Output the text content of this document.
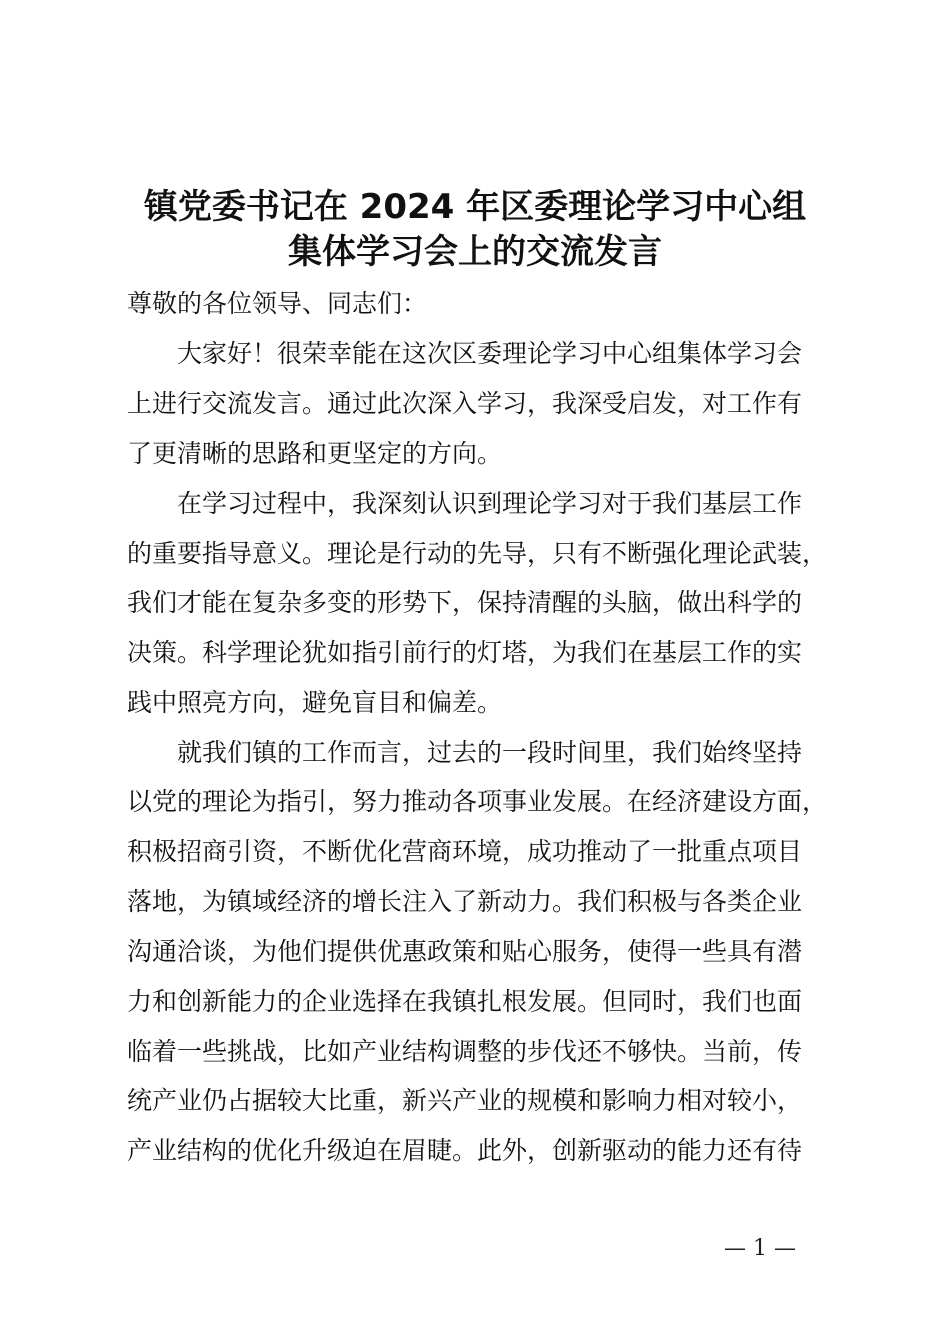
镇党委书记在 2024 年区委理论学习中心组
集体学习会上的交流发言
尊敬的各位领导、同志们：
　　大家好！很荣幸能在这次区委理论学习中心组集体学习会
上进行交流发言。通过此次深入学习，我深受启发，对工作有
了更清晰的思路和更坚定的方向。
　　在学习过程中，我深刻认识到理论学习对于我们基层工作
的重要指导意义。理论是行动的先导，只有不断强化理论武装，
我们才能在复杂多变的形势下，保持清醒的头脑，做出科学的
决策。科学理论犹如指引前行的灯塔，为我们在基层工作的实
践中照亮方向，避免盲目和偏差。
　　就我们镇的工作而言，过去的一段时间里，我们始终坚持
以党的理论为指引，努力推动各项事业发展。在经济建设方面，
积极招商引资，不断优化营商环境，成功推动了一批重点项目
落地，为镇域经济的增长注入了新动力。我们积极与各类企业
沟通洽谈，为他们提供优惠政策和贴心服务，使得一些具有潜
力和创新能力的企业选择在我镇扎根发展。但同时，我们也面
临着一些挑战，比如产业结构调整的步伐还不够快。当前，传
统产业仍占据较大比重，新兴产业的规模和影响力相对较小，
产业结构的优化升级迫在眉睫。此外，创新驱动的能力还有待
— 1 —
